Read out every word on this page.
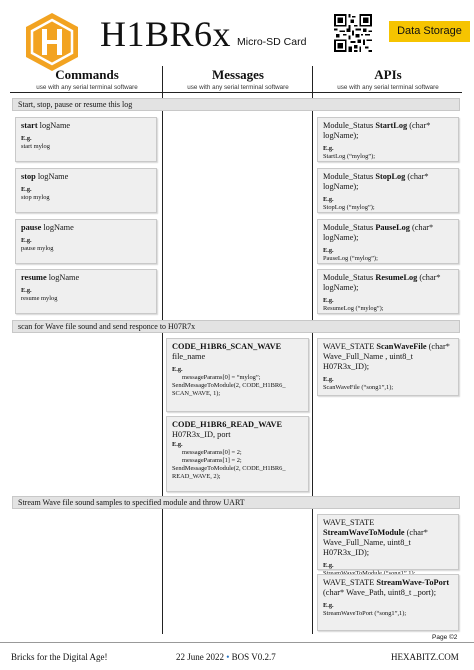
H1BR6x Micro-SD Card
Data Storage
Commands
use with any serial terminal software
Messages
use with any serial terminal software
APIs
use with any serial terminal software
Start, stop, pause or resume this log
start logName
E.g.
start mylog
stop logName
E.g.
stop mylog
pause logName
E.g.
pause mylog
resume logName
E.g.
resume mylog
Module_Status StartLog (char* logName);
E.g.
StartLog (“mylog”);
Module_Status StopLog (char* logName);
E.g.
StopLog (“mylog”);
Module_Status PauseLog (char* logName);
E.g.
PauseLog (“mylog”);
Module_Status ResumeLog (char* logName);
E.g.
ResumeLog (“mylog”);
scan for Wave file sound and send responce to H07R7x
CODE_H1BR6_SCAN_WAVE
file_name
E.g.
messageParams[0] = “mylog”;
SendMessageToModule(2, CODE_H1BR6_
SCAN_WAVE, 1);
CODE_H1BR6_READ_WAVE
H07R3x_ID, port
E.g.
messageParams[0] = 2;
messageParams[1] = 2;
SendMessageToModule(2, CODE_H1BR6_
READ_WAVE, 2);
WAVE_STATE ScanWaveFile (char* Wave_Full_Name , uint8_t H07R3x_ID);
E.g.
ScanWaveFile (“song1”,1);
Stream Wave file sound samples to specified module and throw UART
WAVE_STATE StreamWaveToModule (char* Wave_Full_Name, uint8_t H07R3x_ID);
E.g.
WAVE_STATE StreamWave-ToPort (char* Wave_Path, uint8_t _port);
E.g.
StreamWaveToPort (“song1”,1);
Page ©2
Bricks for the Digital Age!	22 June 2022 • BOS V0.2.7	HEXABITZ.COM
